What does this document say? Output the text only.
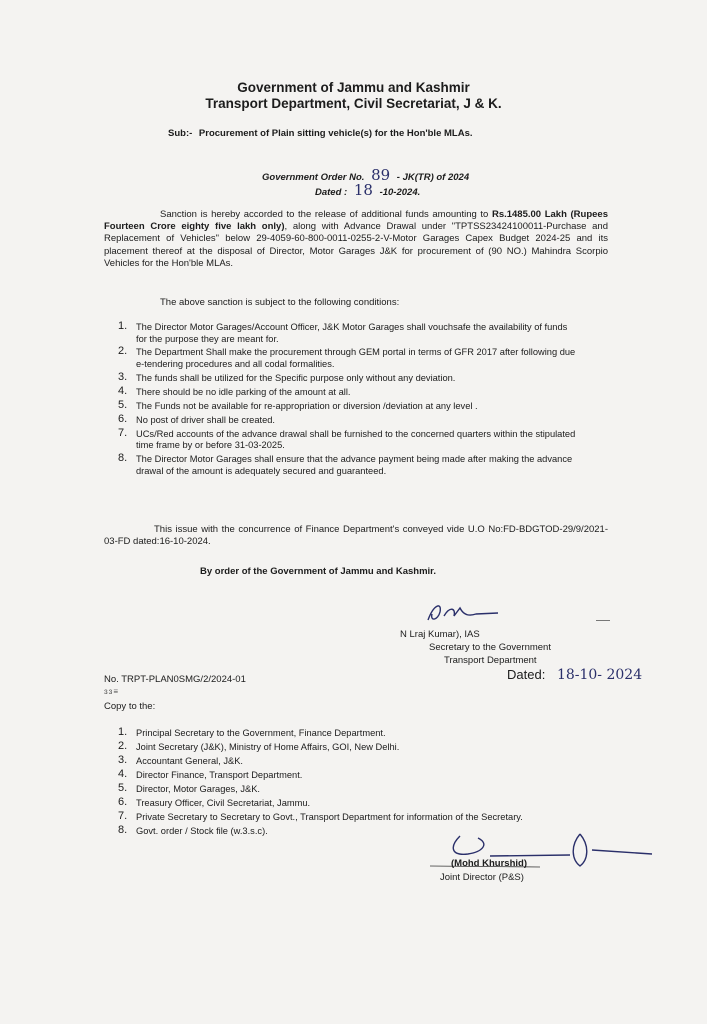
Government of Jammu and Kashmir
Transport Department, Civil Secretariat, J & K.
Sub:- Procurement of Plain sitting vehicle(s) for the Hon'ble MLAs.
Government Order No. 89 - JK(TR) of 2024
Dated : 18 -10-2024.
Sanction is hereby accorded to the release of additional funds amounting to Rs.1485.00 Lakh (Rupees Fourteen Crore eighty five lakh only), along with Advance Drawal under "TPTSS23424100011-Purchase and Replacement of Vehicles" below 29-4059-60-800-0011-0255-2-V-Motor Garages Capex Budget 2024-25 and its placement thereof at the disposal of Director, Motor Garages J&K for procurement of (90 NO.) Mahindra Scorpio Vehicles for the Hon'ble MLAs.
The above sanction is subject to the following conditions:
1. The Director Motor Garages/Account Officer, J&K Motor Garages shall vouchsafe the availability of funds for the purpose they are meant for.
2. The Department Shall make the procurement through GEM portal in terms of GFR 2017 after following due e-tendering procedures and all codal formalities.
3. The funds shall be utilized for the Specific purpose only without any deviation.
4. There should be no idle parking of the amount at all.
5. The Funds not be available for re-appropriation or diversion /deviation at any level .
6. No post of driver shall be created.
7. UCs/Red accounts of the advance drawal shall be furnished to the concerned quarters within the stipulated time frame by or before 31-03-2025.
8. The Director Motor Garages shall ensure that the advance payment being made after making the advance drawal of the amount is adequately secured and guaranteed.
This issue with the concurrence of Finance Department's conveyed vide U.O No:FD-BDGTOD-29/9/2021-03-FD dated:16-10-2024.
By order of the Government of Jammu and Kashmir.
N Lraj Kumar), IAS
Secretary to the Government
Transport Department
Dated: 18-10- 2024
No. TRPT-PLAN0SMG/2/2024-01
ɜɜ≡
Copy to the:
1. Principal Secretary to the Government, Finance Department.
2. Joint Secretary (J&K), Ministry of Home Affairs, GOI, New Delhi.
3. Accountant General, J&K.
4. Director Finance, Transport Department.
5. Director, Motor Garages, J&K.
6. Treasury Officer, Civil Secretariat, Jammu.
7. Private Secretary to Secretary to Govt., Transport Department for information of the Secretary.
8. Govt. order / Stock file (w.3.s.c).
(Mohd Khurshid)
Joint Director (P&S)
